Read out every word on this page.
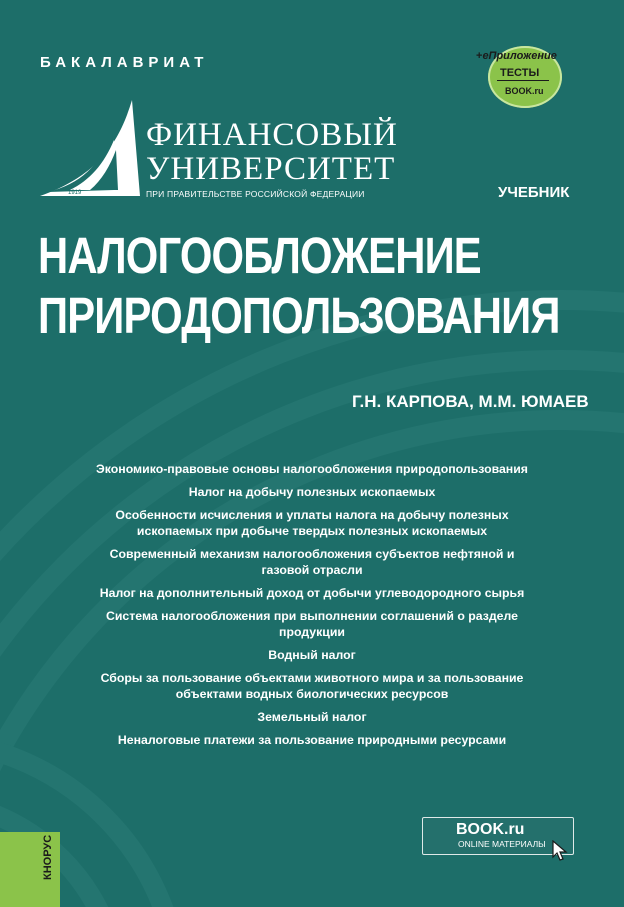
БАКАЛАВРИАТ	+eПриложение
ТЕСТЫ
BOOK.ru
1919
ФИНАНСОВЫЙ
УНИВЕРСИТЕТ
ПРИ ПРАВИТЕЛЬСТВЕ РОССИЙСКОЙ ФЕДЕРАЦИИ	УЧЕБНИК
НАЛОГООБЛОЖЕНИЕ
ПРИРОДОПОЛЬЗОВАНИЯ
Г.Н. КАРПОВА, М.М. ЮМАЕВ
Экономико-правовые основы налогообложения природопользования
Налог на добычу полезных ископаемых
Особенности исчисления и уплаты налога на добычу полезных ископаемых при добыче твердых полезных ископаемых
Современный механизм налогообложения субъектов нефтяной и газовой отрасли
Налог на дополнительный доход от добычи углеводородного сырья
Система налогообложения при выполнении соглашений о разделе продукции
Водный налог
Сборы за пользование объектами животного мира и за пользование объектами водных биологических ресурсов
Земельный налог
Неналоговые платежи за пользование природными ресурсами
КНОРУС
BOOK.ru
ONLINE МАТЕРИАЛЫ
